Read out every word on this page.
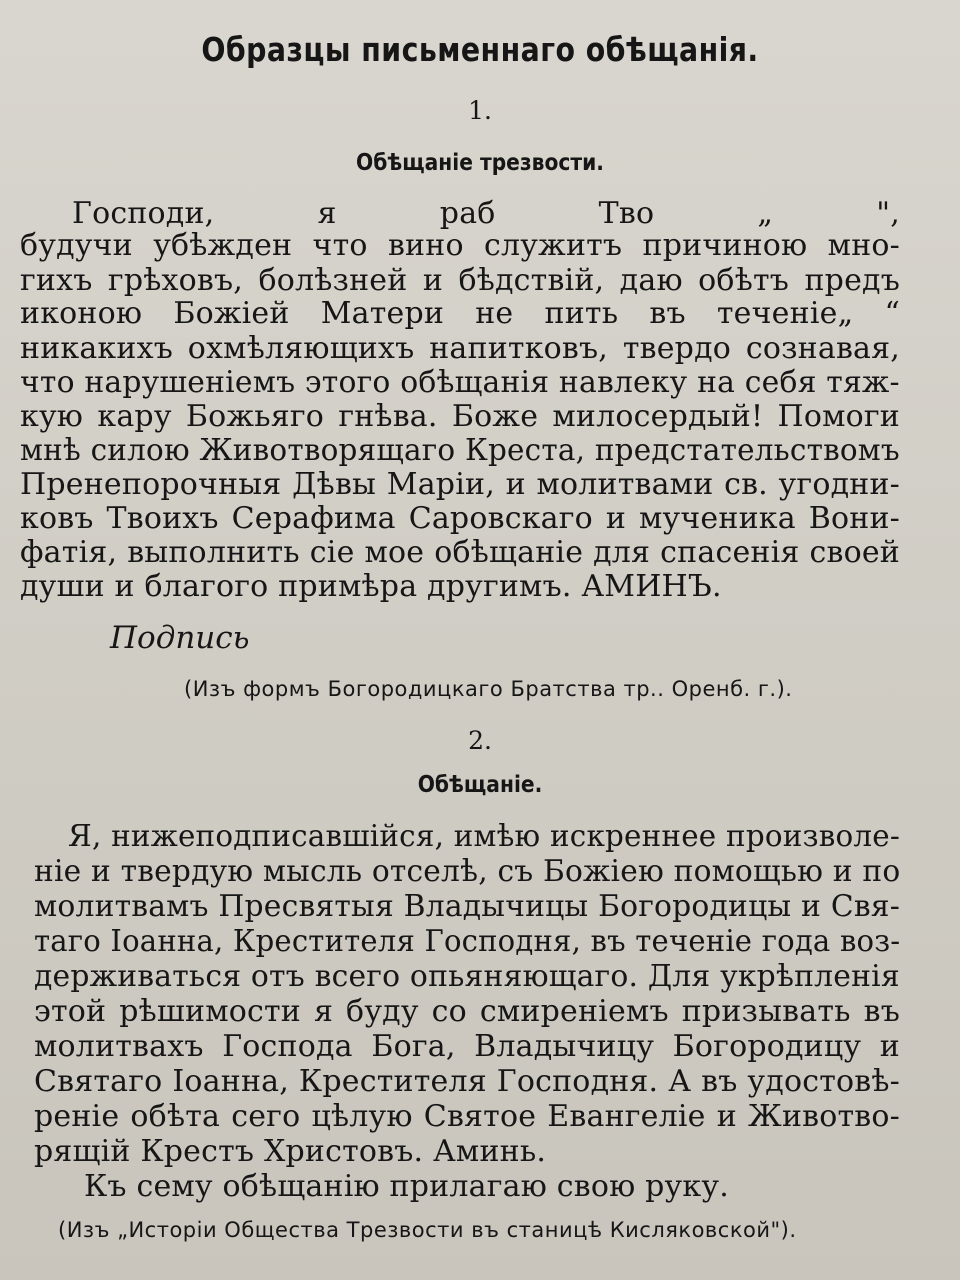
Образцы письменнаго обѣщанія.
1.
Обѣщаніе трезвости.
Господи, я раб Тво „ ",
будучи убѣжден что вино служитъ причиною мно-
гихъ грѣховъ, болѣзней и бѣдствій, даю обѣтъ предъ
иконою Божіей Матери не пить въ теченіе„ “
никакихъ охмѣляющихъ напитковъ, твердо сознавая,
что нарушеніемъ этого обѣщанія навлеку на себя тяж-
кую кару Божьяго гнѣва. Боже милосердый! Помоги
мнѣ силою Животворящаго Креста, предстательствомъ
Пренепорочныя Дѣвы Маріи, и молитвами св. угодни-
ковъ Твоихъ Серафима Саровскаго и мученика Вони-
фатія, выполнить сіе мое обѣщаніе для спасенія своей
души и благого примѣра другимъ. АМИНЪ.
Подпись
(Изъ формъ Богородицкаго Братства тр.. Оренб. г.).
2.
Обѣщаніе.
Я, нижеподписавшійся, имѣю искреннее произволе-
ніе и твердую мысль отселѣ, съ Божіею помощью и по
молитвамъ Пресвятыя Владычицы Богородицы и Свя-
таго Іоанна, Крестителя Господня, въ теченіе года воз-
держиваться отъ всего опьяняющаго. Для укрѣпленія
этой рѣшимости я буду со смиреніемъ призывать въ
молитвахъ Господа Бога, Владычицу Богородицу и
Святаго Іоанна, Крестителя Господня. А въ удостовѣ-
реніе обѣта сего цѣлую Святое Евангеліе и Животво-
рящій Крестъ Христовъ. Аминь.
Къ сему обѣщанію прилагаю свою руку.
(Изъ „Исторіи Общества Трезвости въ станицѣ Кисляковской").
